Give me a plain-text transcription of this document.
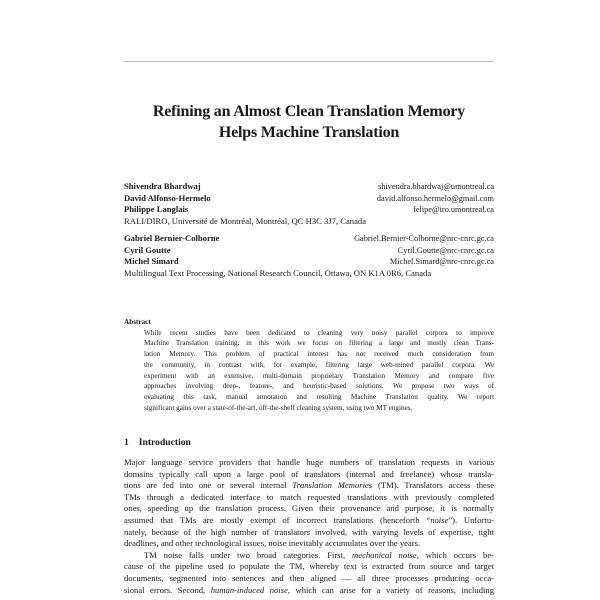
Refining an Almost Clean Translation Memory
Helps Machine Translation
Shivendra Bhardwaj	shivendra.bhardwaj@umontreal.ca
David Alfonso-Hermelo	david.alfonso.hermelo@gmail.com
Philippe Langlais	felipe@iro.umontreal.ca
RALI/DIRO, Université de Montréal, Montréal, QC H3C 3J7, Canada
Gabriel Bernier-Colborne	Gabriel.Bernier-Colborne@nrc-cnrc.gc.ca
Cyril Goutte	Cyril.Goutte@nrc-cnrc.gc.ca
Michel Simard	Michel.Simard@nrc-cnrc.gc.ca
Multilingual Text Processing, National Research Council, Ottawa, ON K1A 0R6, Canada
Abstract
While recent studies have been dedicated to cleaning very noisy parallel corpora to improve
Machine Translation training, in this work we focus on filtering a large and mostly clean Trans-
lation Memory. This problem of practical interest has not received much consideration from
the community, in contrast with, for example, filtering large web-mined parallel corpora. We
experiment with an extensive, multi-domain proprietary Translation Memory and compare five
approaches involving deep-, feature-, and heuristic-based solutions. We propose two ways of
evaluating this task, manual annotation and resulting Machine Translation quality. We report
significant gains over a state-of-the-art, off-the-shelf cleaning system, using two MT engines.
1 Introduction
Major language service providers that handle huge numbers of translation requests in various
domains typically call upon a large pool of translators (internal and freelance) whose transla-
tions are fed into one or several internal Translation Memories (TM). Translators access these
TMs through a dedicated interface to match requested translations with previously completed
ones, speeding up the translation process. Given their provenance and purpose, it is normally
assumed that TMs are mostly exempt of incorrect translations (henceforth “noise”). Unfortu-
nately, because of the high number of translators involved, with varying levels of expertise, tight
deadlines, and other technological issues, noise inevitably accumulates over the years.
TM noise falls under two broad categories. First, mechanical noise, which occurs be-
cause of the pipeline used to populate the TM, whereby text is extracted from source and target
documents, segmented into sentences and then aligned — all three processes producing occa-
sional errors. Second, human-induced noise, which can arise for a variety of reasons, including
